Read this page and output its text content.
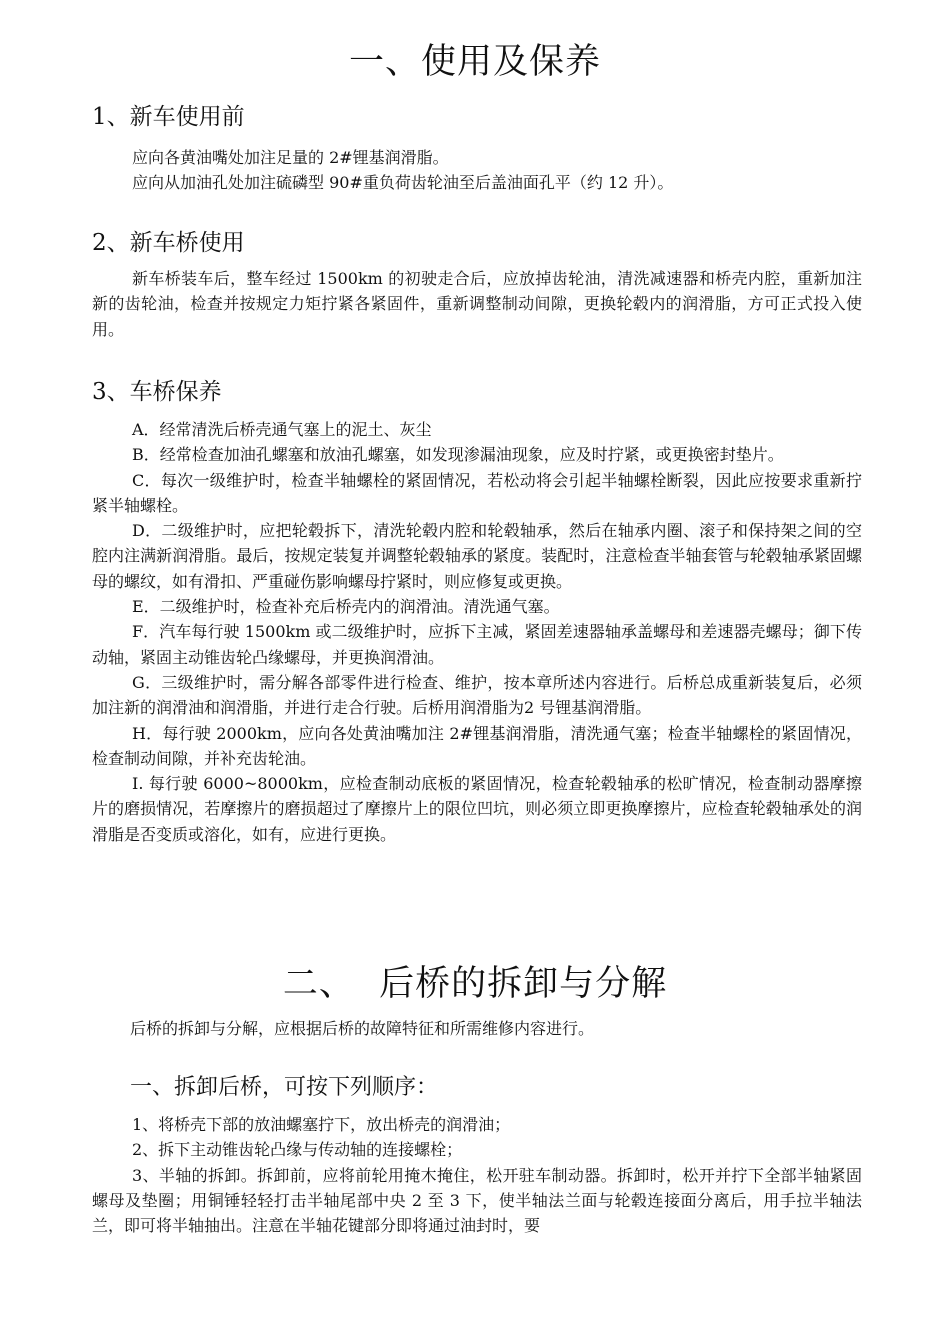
一、使用及保养
1、新车使用前
应向各黄油嘴处加注足量的 2#锂基润滑脂。
应向从加油孔处加注硫磷型 90#重负荷齿轮油至后盖油面孔平（约 12 升）。
2、新车桥使用

新车桥装车后，整车经过 1500km 的初驶走合后，应放掉齿轮油，清洗减速器和桥壳内腔，重新加注新的齿轮油，检查并按规定力矩拧紧各紧固件，重新调整制动间隙，更换轮毂内的润滑脂，方可正式投入使用。

3、车桥保养
A．经常清洗后桥壳通气塞上的泥土、灰尘
B．经常检查加油孔螺塞和放油孔螺塞，如发现渗漏油现象，应及时拧紧，或更换密封垫片。
C．每次一级维护时，检查半轴螺栓的紧固情况，若松动将会引起半轴螺栓断裂，因此应按要求重新拧紧半轴螺栓。
D．二级维护时，应把轮毂拆下，清洗轮毂内腔和轮毂轴承，然后在轴承内圈、滚子和保持架之间的空腔内注满新润滑脂。最后，按规定装复并调整轮毂轴承的紧度。装配时，注意检查半轴套管与轮毂轴承紧固螺母的螺纹，如有滑扣、严重碰伤影响螺母拧紧时，则应修复或更换。
E．二级维护时，检查补充后桥壳内的润滑油。清洗通气塞。
F．汽车每行驶 1500km 或二级维护时，应拆下主减，紧固差速器轴承盖螺母和差速器壳螺母；御下传动轴，紧固主动锥齿轮凸缘螺母，并更换润滑油。
G．三级维护时，需分解各部零件进行检查、维护，按本章所述内容进行。后桥总成重新装复后，必须加注新的润滑油和润滑脂，并进行走合行驶。后桥用润滑脂为2 号锂基润滑脂。
H．每行驶 2000km，应向各处黄油嘴加注 2#锂基润滑脂，清洗通气塞；检查半轴螺栓的紧固情况，检查制动间隙，并补充齿轮油。
I. 每行驶 6000~8000km，应检查制动底板的紧固情况，检查轮毂轴承的松旷情况，检查制动器摩擦片的磨损情况，若摩擦片的磨损超过了摩擦片上的限位凹坑，则必须立即更换摩擦片，应检查轮毂轴承处的润滑脂是否变质或溶化，如有，应进行更换。
二、  后桥的拆卸与分解

后桥的拆卸与分解，应根据后桥的故障特征和所需维修内容进行。

一、拆卸后桥，可按下列顺序：
1、将桥壳下部的放油螺塞拧下，放出桥壳的润滑油；
2、拆下主动锥齿轮凸缘与传动轴的连接螺栓；
3、半轴的拆卸。拆卸前，应将前轮用掩木掩住，松开驻车制动器。拆卸时，松开并拧下全部半轴紧固螺母及垫圈；用铜锤轻轻打击半轴尾部中央 2 至 3 下，使半轴法兰面与轮毂连接面分离后，用手拉半轴法兰，即可将半轴抽出。注意在半轴花键部分即将通过油封时，要
